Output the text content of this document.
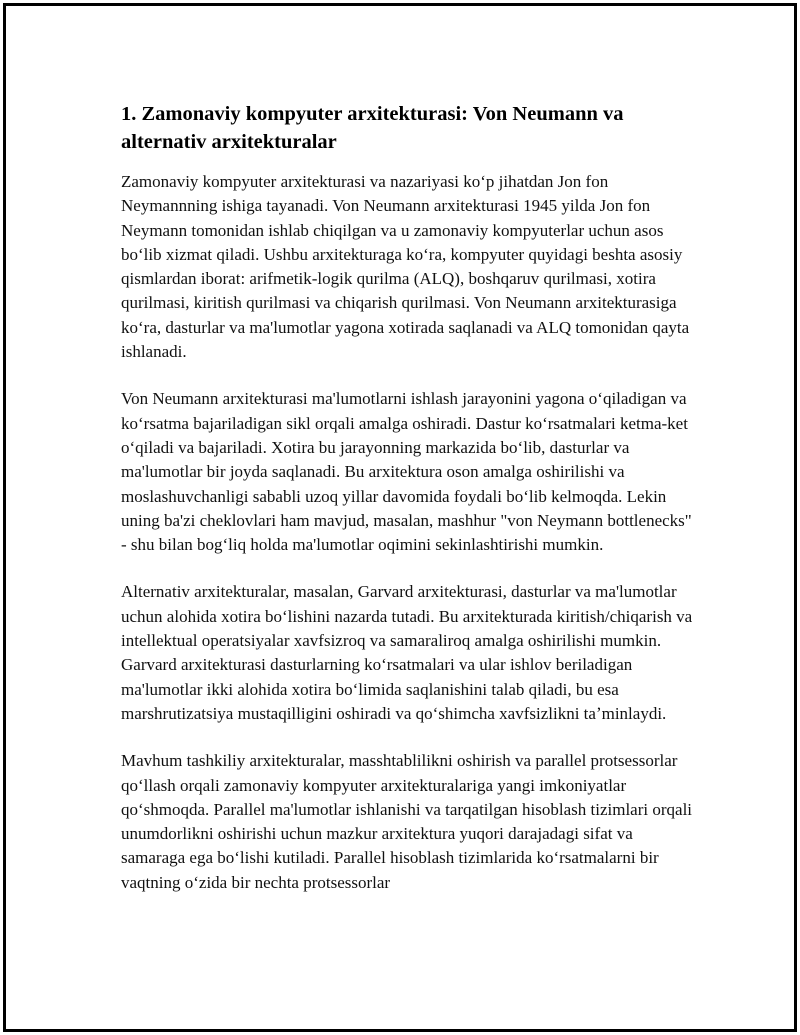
1. Zamonaviy kompyuter arxitekturasi: Von Neumann va alternativ arxitekturalar

Zamonaviy kompyuter arxitekturasi va nazariyasi koʻp jihatdan Jon fon Neymannning ishiga tayanadi. Von Neumann arxitekturasi 1945 yilda Jon fon Neymann tomonidan ishlab chiqilgan va u zamonaviy kompyuterlar uchun asos boʻlib xizmat qiladi. Ushbu arxitekturaga koʻra, kompyuter quyidagi beshta asosiy qismlardan iborat: arifmetik-logik qurilma (ALQ), boshqaruv qurilmasi, xotira qurilmasi, kiritish qurilmasi va chiqarish qurilmasi. Von Neumann arxitekturasiga koʻra, dasturlar va ma'lumotlar yagona xotirada saqlanadi va ALQ tomonidan qayta ishlanadi.

Von Neumann arxitekturasi ma'lumotlarni ishlash jarayonini yagona oʻqiladigan va koʻrsatma bajariladigan sikl orqali amalga oshiradi. Dastur koʻrsatmalari ketma-ket oʻqiladi va bajariladi. Xotira bu jarayonning markazida boʻlib, dasturlar va ma'lumotlar bir joyda saqlanadi. Bu arxitektura oson amalga oshirilishi va moslashuvchanligi sababli uzoq yillar davomida foydali boʻlib kelmoqda. Lekin uning ba'zi cheklovlari ham mavjud, masalan, mashhur "von Neymann bottlenecks" - shu bilan bogʻliq holda ma'lumotlar oqimini sekinlashtirishi mumkin.

Alternativ arxitekturalar, masalan, Garvard arxitekturasi, dasturlar va ma'lumotlar uchun alohida xotira boʻlishini nazarda tutadi. Bu arxitekturada kiritish/chiqarish va intellektual operatsiyalar xavfsizroq va samaraliroq amalga oshirilishi mumkin. Garvard arxitekturasi dasturlarning koʻrsatmalari va ular ishlov beriladigan ma'lumotlar ikki alohida xotira boʻlimida saqlanishini talab qiladi, bu esa marshrutizatsiya mustaqilligini oshiradi va qoʻshimcha xavfsizlikni taʼminlaydi.

Mavhum tashkiliy arxitekturalar, masshtablilikni oshirish va parallel protsessorlar qoʻllash orqali zamonaviy kompyuter arxitekturalariga yangi imkoniyatlar qoʻshmoqda. Parallel ma'lumotlar ishlanishi va tarqatilgan hisoblash tizimlari orqali unumdorlikni oshirishi uchun mazkur arxitektura yuqori darajadagi sifat va samaraga ega boʻlishi kutiladi. Parallel hisoblash tizimlarida koʻrsatmalarni bir vaqtning oʻzida bir nechta protsessorlar
